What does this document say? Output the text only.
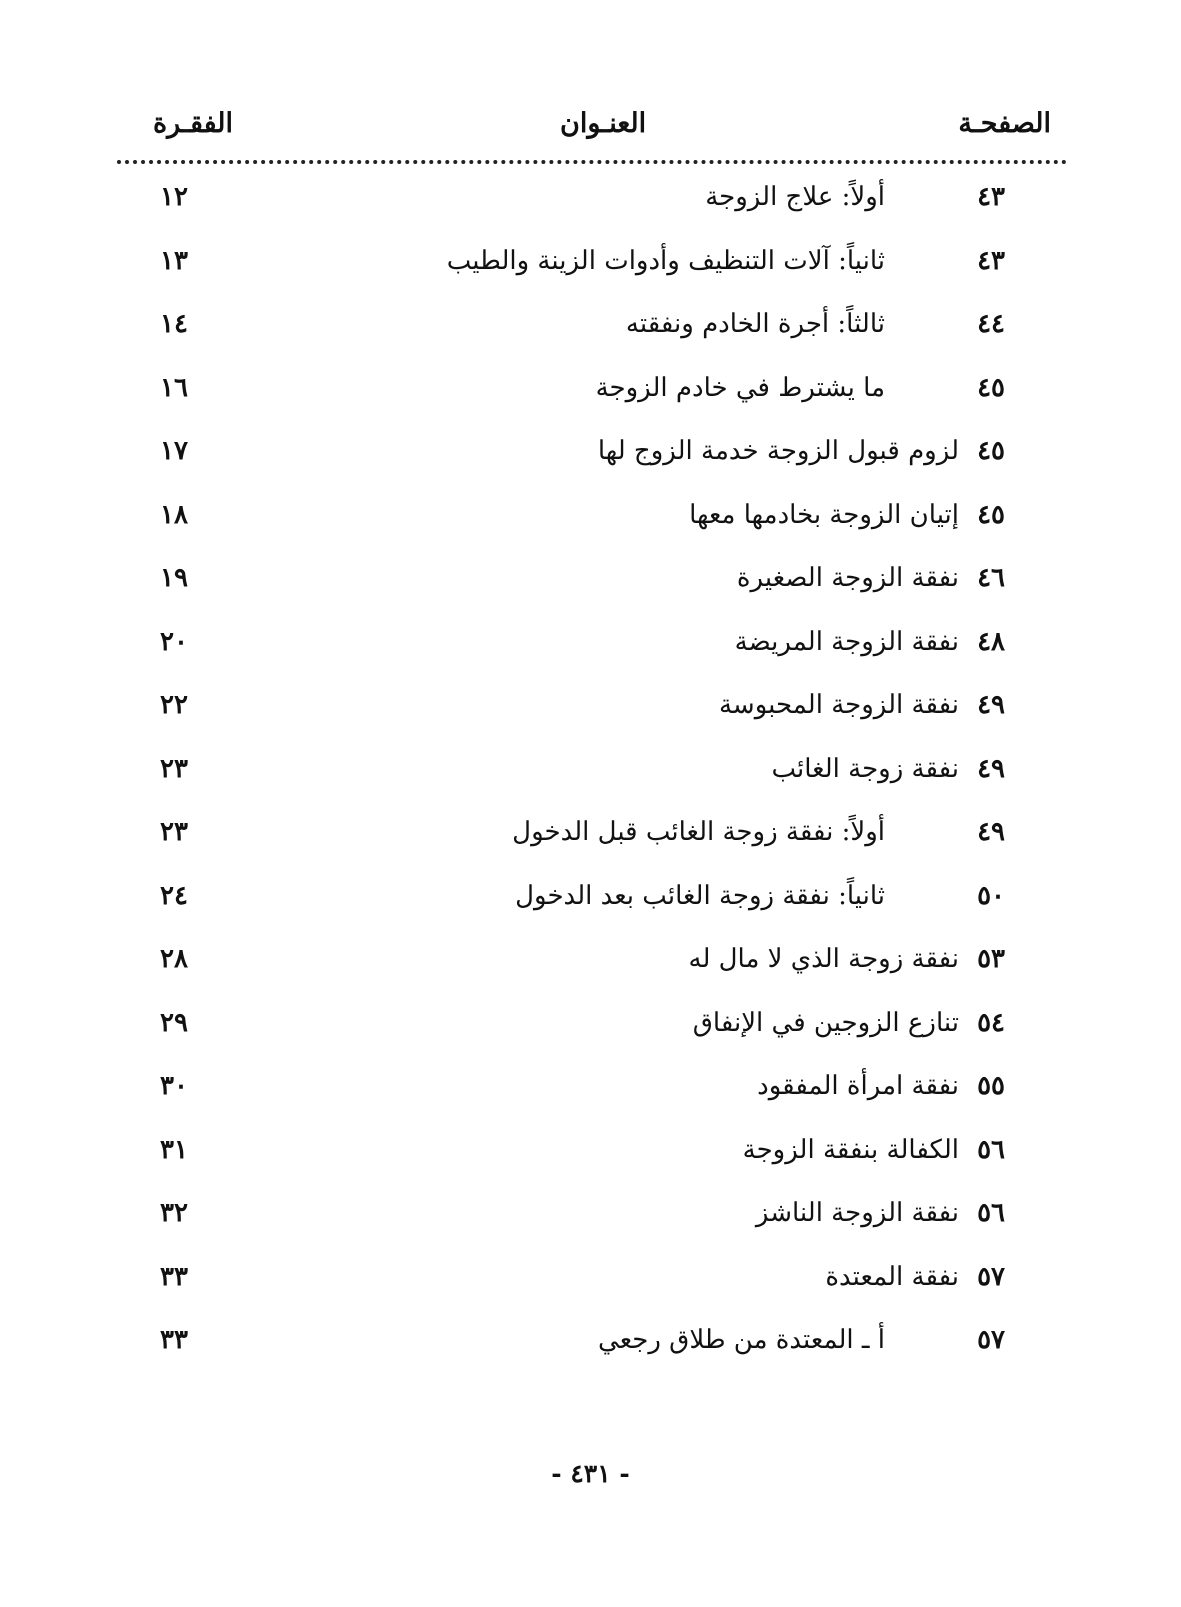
الصفحـة
العنـوان
الفقـرة
٤٣
أولاً: علاج الزوجة
١٢
٤٣
ثانياً: آلات التنظيف وأدوات الزينة والطيب
١٣
٤٤
ثالثاً: أجرة الخادم ونفقته
١٤
٤٥
ما يشترط في خادم الزوجة
١٦
٤٥
لزوم قبول الزوجة خدمة الزوج لها
١٧
٤٥
إتيان الزوجة بخادمها معها
١٨
٤٦
نفقة الزوجة الصغيرة
١٩
٤٨
نفقة الزوجة المريضة
٢٠
٤٩
نفقة الزوجة المحبوسة
٢٢
٤٩
نفقة زوجة الغائب
٢٣
٤٩
أولاً: نفقة زوجة الغائب قبل الدخول
٢٣
٥٠
ثانياً: نفقة زوجة الغائب بعد الدخول
٢٤
٥٣
نفقة زوجة الذي لا مال له
٢٨
٥٤
تنازع الزوجين في الإنفاق
٢٩
٥٥
نفقة امرأة المفقود
٣٠
٥٦
الكفالة بنفقة الزوجة
٣١
٥٦
نفقة الزوجة الناشز
٣٢
٥٧
نفقة المعتدة
٣٣
٥٧
أ ـ المعتدة من طلاق رجعي
٣٣
- ٤٣١ -
